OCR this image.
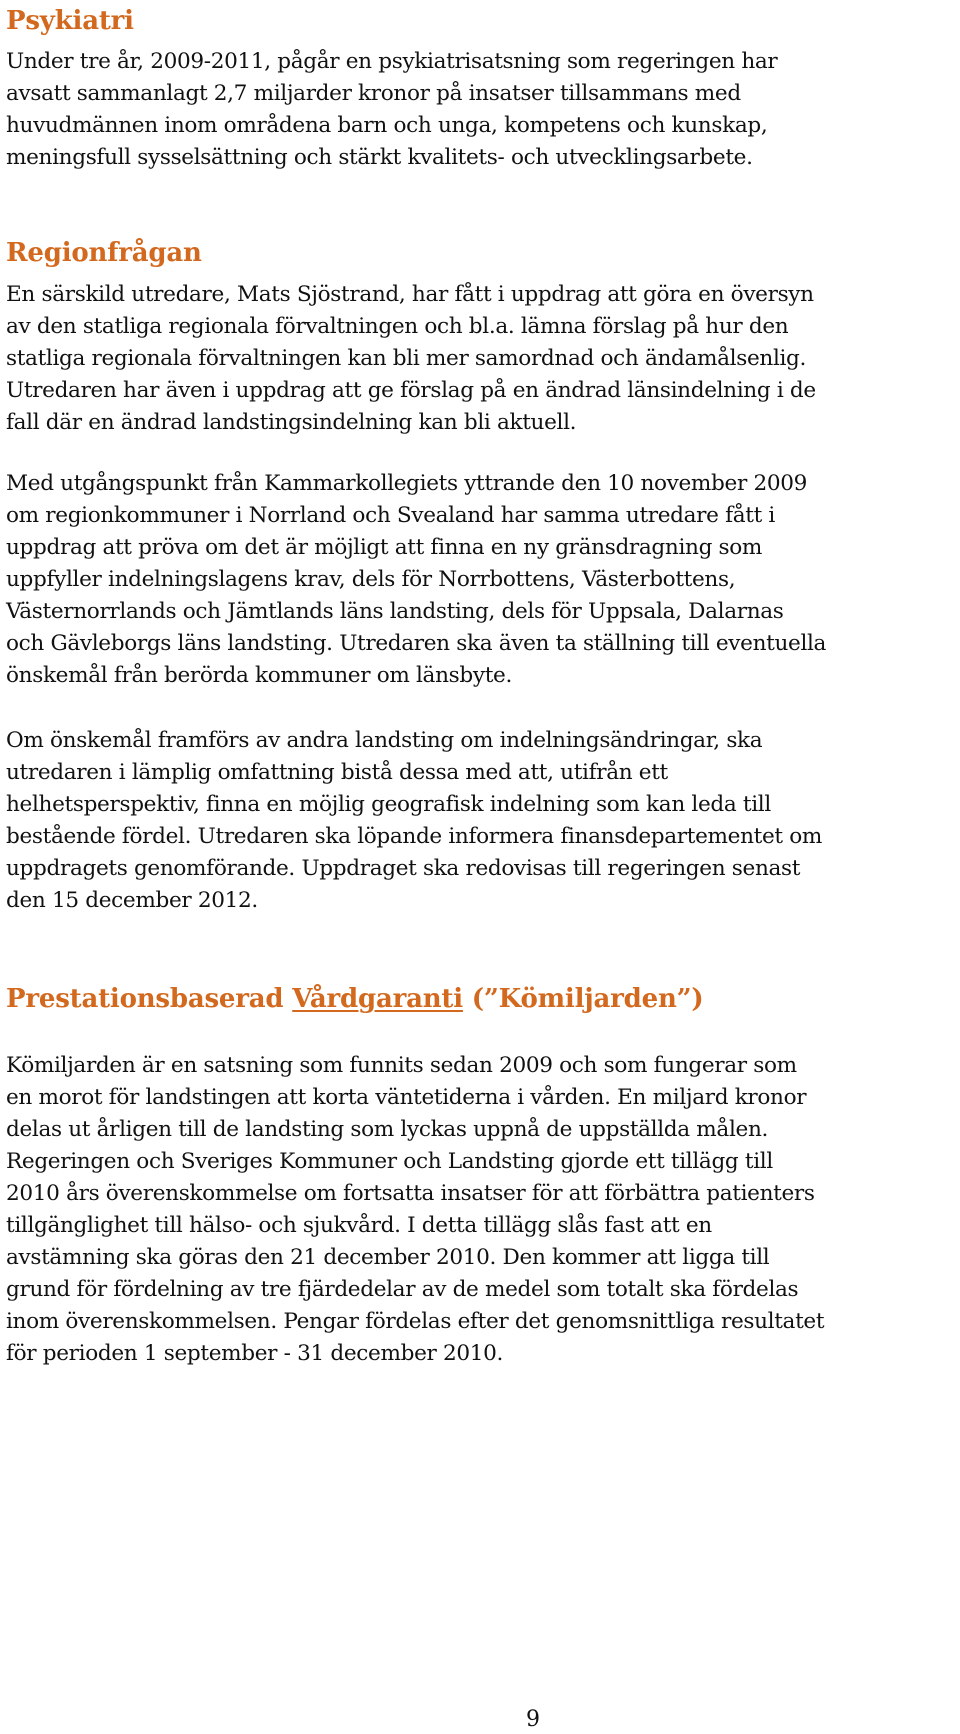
Psykiatri

Under tre år, 2009-2011, pågår en psykiatrisatsning som regeringen har
avsatt sammanlagt 2,7 miljarder kronor på insatser tillsammans med
huvudmännen inom områdena barn och unga, kompetens och kunskap,
meningsfull sysselsättning och stärkt kvalitets- och utvecklingsarbete.

Regionfrågan

En särskild utredare, Mats Sjöstrand, har fått i uppdrag att göra en översyn
av den statliga regionala förvaltningen och bl.a. lämna förslag på hur den
statliga regionala förvaltningen kan bli mer samordnad och ändamålsenlig.
Utredaren har även i uppdrag att ge förslag på en ändrad länsindelning i de
fall där en ändrad landstingsindelning kan bli aktuell.

Med utgångspunkt från Kammarkollegiets yttrande den 10 november 2009
om regionkommuner i Norrland och Svealand har samma utredare fått i
uppdrag att pröva om det är möjligt att finna en ny gränsdragning som
uppfyller indelningslagens krav, dels för Norrbottens, Västerbottens,
Västernorrlands och Jämtlands läns landsting, dels för Uppsala, Dalarnas
och Gävleborgs läns landsting. Utredaren ska även ta ställning till eventuella
önskemål från berörda kommuner om länsbyte.

Om önskemål framförs av andra landsting om indelningsändringar, ska
utredaren i lämplig omfattning bistå dessa med att, utifrån ett
helhetsperspektiv, finna en möjlig geografisk indelning som kan leda till
bestående fördel. Utredaren ska löpande informera finansdepartementet om
uppdragets genomförande. Uppdraget ska redovisas till regeringen senast
den 15 december 2012.

Prestationsbaserad Vårdgaranti (”Kömiljarden”)

Kömiljarden är en satsning som funnits sedan 2009 och som fungerar som
en morot för landstingen att korta väntetiderna i vården. En miljard kronor
delas ut årligen till de landsting som lyckas uppnå de uppställda målen.
Regeringen och Sveriges Kommuner och Landsting gjorde ett tillägg till
2010 års överenskommelse om fortsatta insatser för att förbättra patienters
tillgänglighet till hälso- och sjukvård. I detta tillägg slås fast att en
avstämning ska göras den 21 december 2010. Den kommer att ligga till
grund för fördelning av tre fjärdedelar av de medel som totalt ska fördelas
inom överenskommelsen. Pengar fördelas efter det genomsnittliga resultatet
för perioden 1 september - 31 december 2010.

9
